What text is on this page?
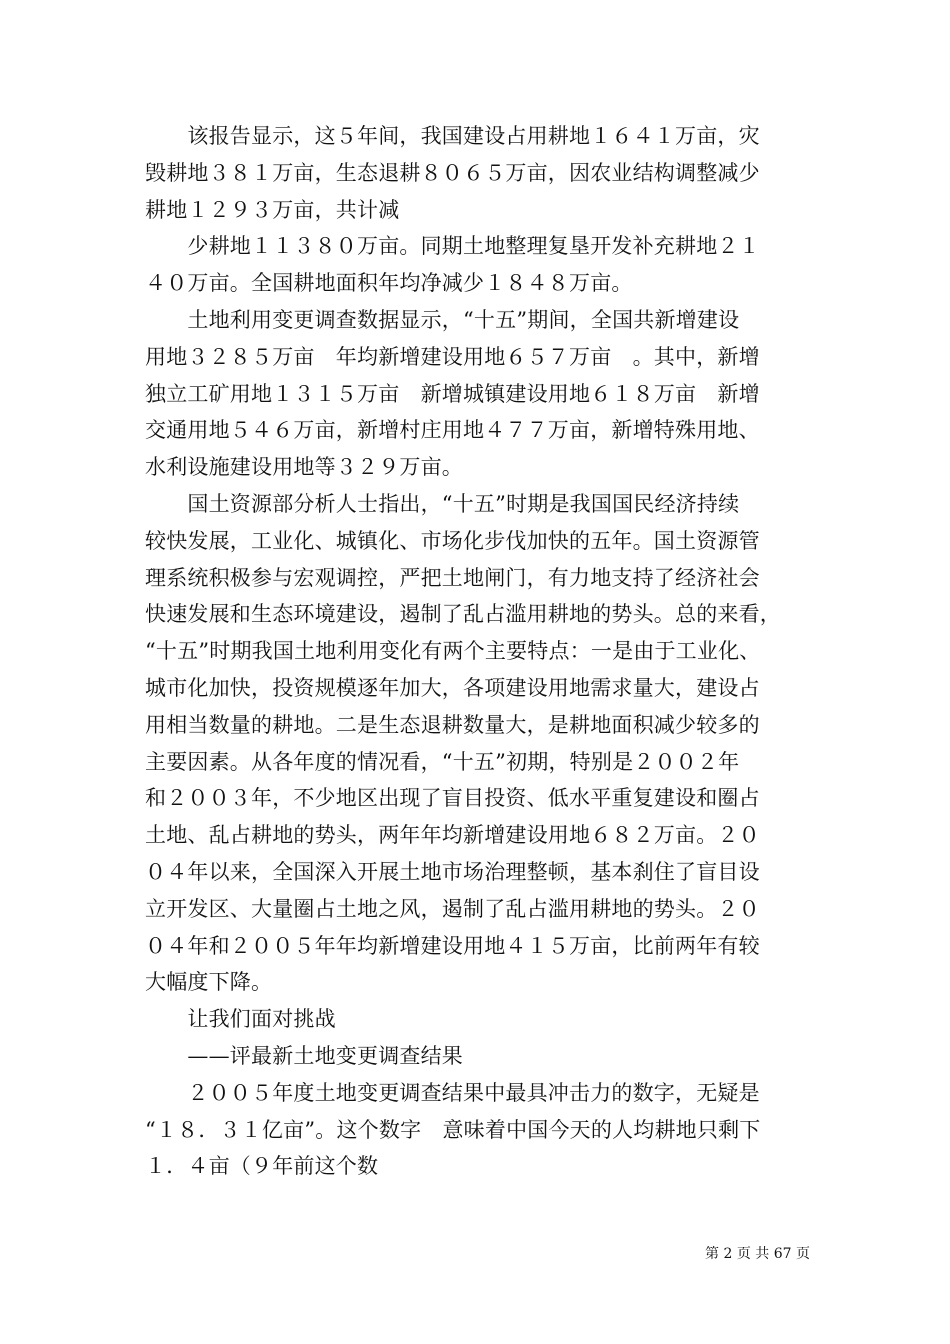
　　该报告显示，这５年间，我国建设占用耕地１６４１万亩，灾
毁耕地３８１万亩，生态退耕８０６５万亩，因农业结构调整减少
耕地１２９３万亩，共计减
　　少耕地１１３８０万亩。同期土地整理复垦开发补充耕地２１
４０万亩。全国耕地面积年均净减少１８４８万亩。
　　土地利用变更调查数据显示，“十五”期间，全国共新增建设
用地３２８５万亩　年均新增建设用地６５７万亩　。其中，新增
独立工矿用地１３１５万亩　新增城镇建设用地６１８万亩　新增
交通用地５４６万亩，新增村庄用地４７７万亩，新增特殊用地、
水利设施建设用地等３２９万亩。
　　国土资源部分析人士指出，“十五”时期是我国国民经济持续
较快发展，工业化、城镇化、市场化步伐加快的五年。国土资源管
理系统积极参与宏观调控，严把土地闸门，有力地支持了经济社会
快速发展和生态环境建设，遏制了乱占滥用耕地的势头。总的来看，
“十五”时期我国土地利用变化有两个主要特点：一是由于工业化、
城市化加快，投资规模逐年加大，各项建设用地需求量大，建设占
用相当数量的耕地。二是生态退耕数量大，是耕地面积减少较多的
主要因素。从各年度的情况看，“十五”初期，特别是２００２年
和２００３年，不少地区出现了盲目投资、低水平重复建设和圈占
土地、乱占耕地的势头，两年年均新增建设用地６８２万亩。２０
０４年以来，全国深入开展土地市场治理整顿，基本刹住了盲目设
立开发区、大量圈占土地之风，遏制了乱占滥用耕地的势头。２０
０４年和２００５年年均新增建设用地４１５万亩，比前两年有较
大幅度下降。
　　让我们面对挑战
　　——评最新土地变更调查结果
　　２００５年度土地变更调查结果中最具冲击力的数字，无疑是
“１８．３１亿亩”。这个数字　意味着中国今天的人均耕地只剩下
１．４亩（９年前这个数
第 2 页 共 67 页
